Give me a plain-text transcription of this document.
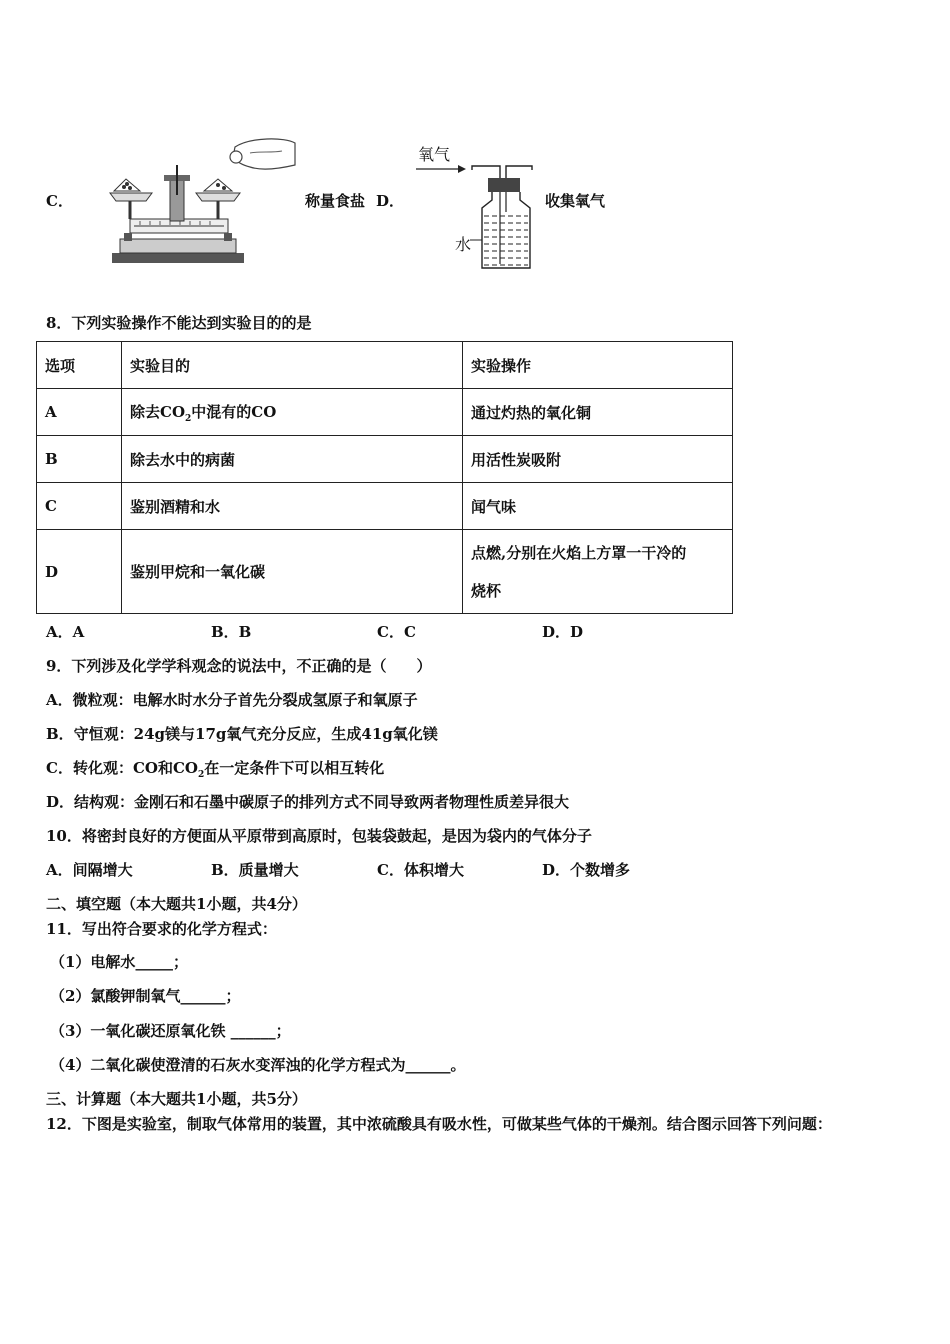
C．	称量食盐 D．
氧气
水
收集氧气
8．下列实验操作不能达到实验目的的是
选项	实验目的	实验操作
A	除去$CO_2$中混有的CO	通过灼热的氧化铜
B	除去水中的病菌	用活性炭吸附
C	鉴别酒精和水	闻气味
D	鉴别甲烷和一氧化碳	点燃,分别在火焰上方罩一干冷的
烧杯
A．A	B．B	C．C	D．D
9．下列涉及化学学科观念的说法中，不正确的是（　　）
A．微粒观：电解水时水分子首先分裂成氢原子和氧原子
B．守恒观：24g镁与17g氧气充分反应，生成41g氧化镁
C．转化观：CO和$CO_2$在一定条件下可以相互转化
D．结构观：金刚石和石墨中碳原子的排列方式不同导致两者物理性质差异很大
10．将密封良好的方便面从平原带到高原时，包装袋鼓起，是因为袋内的气体分子
A．间隔增大	B．质量增大	C．体积增大	D．个数增多
二、填空题（本大题共1小题，共4分）
11．写出符合要求的化学方程式：
（1）电解水_____；
（2）氯酸钾制氧气______；
（3）一氧化碳还原氧化铁 ______；
（4）二氧化碳使澄清的石灰水变浑浊的化学方程式为______。
三、计算题（本大题共1小题，共5分）
12．下图是实验室，制取气体常用的装置，其中浓硫酸具有吸水性，可做某些气体的干燥剂。结合图示回答下列问题：
